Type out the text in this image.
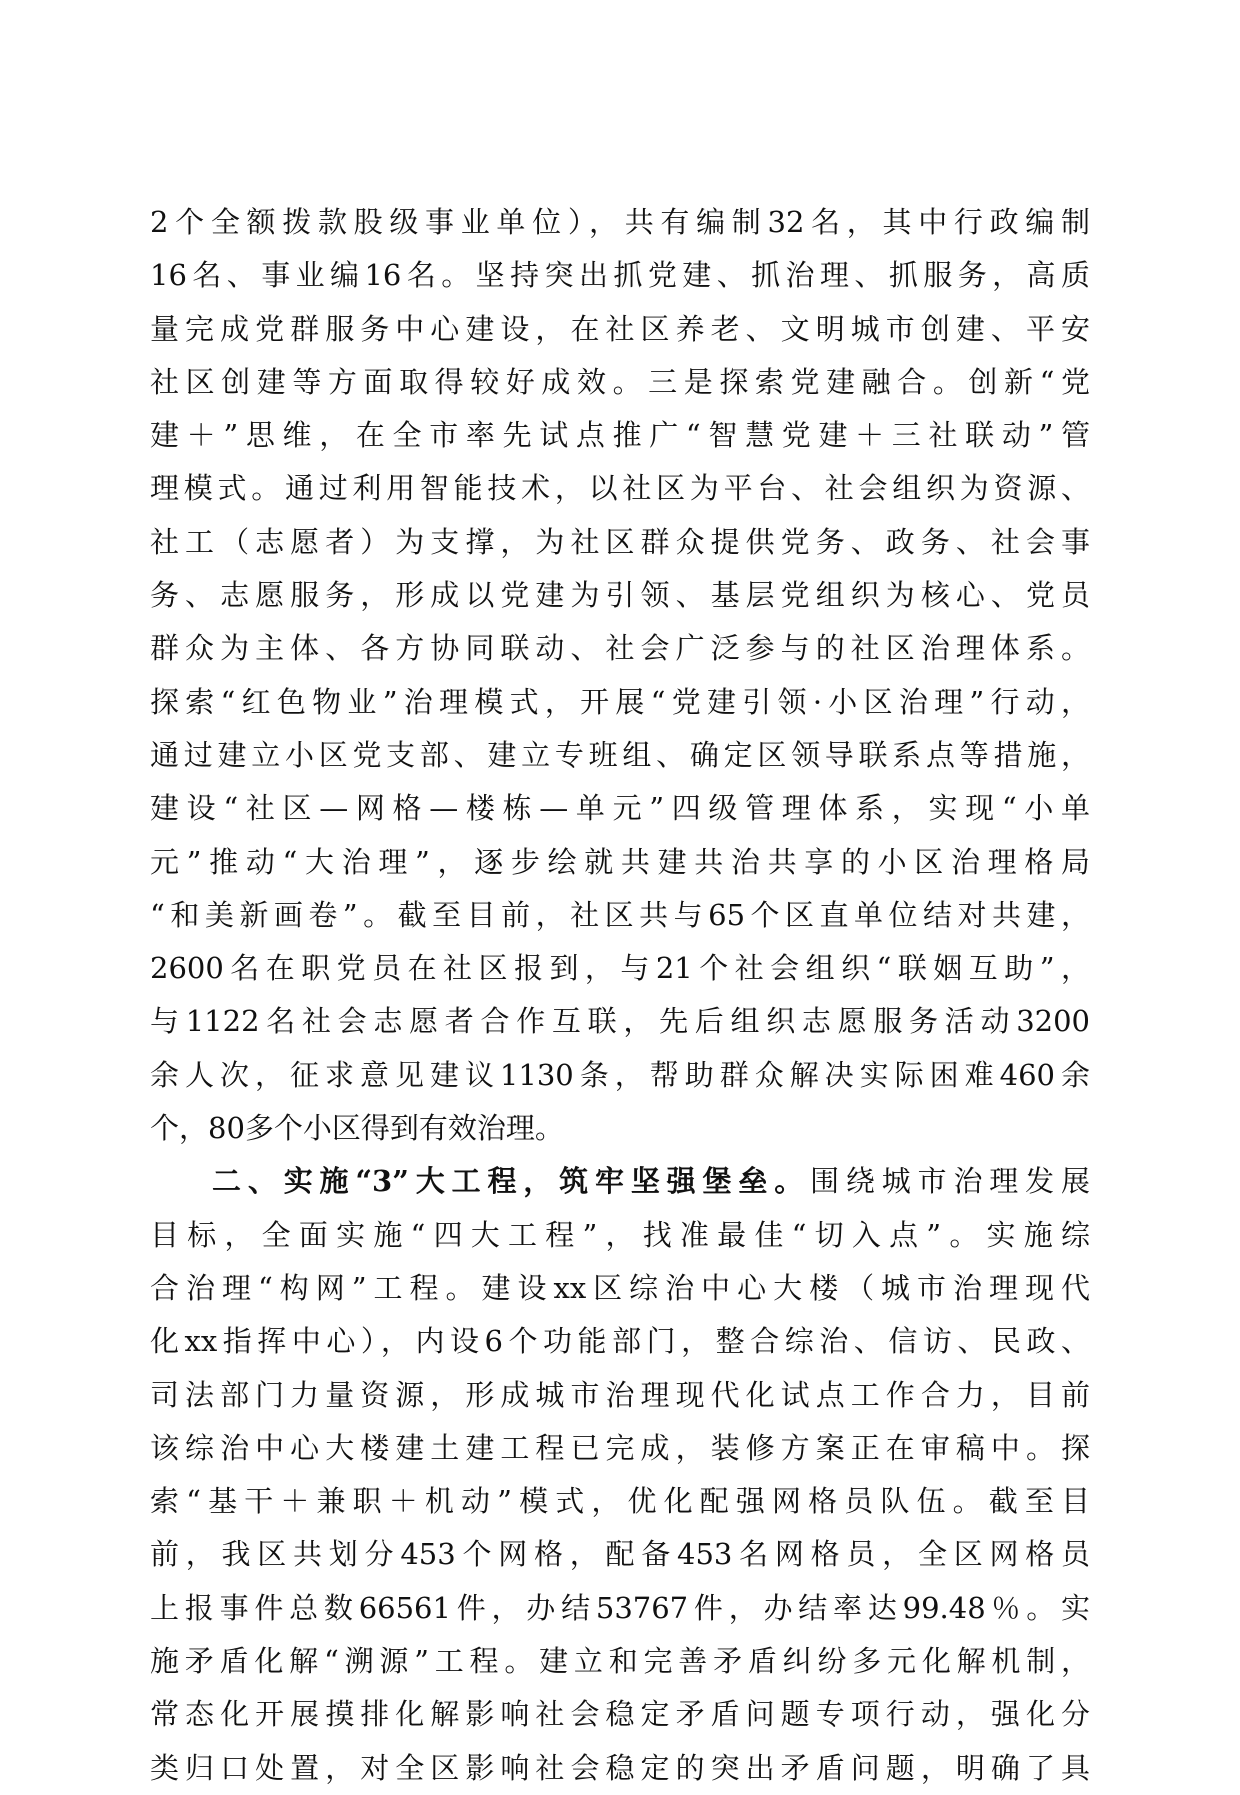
2个全额拨款股级事业单位），共有编制32名，其中行政编制

16名、事业编16名。坚持突出抓党建、抓治理、抓服务，高质

量完成党群服务中心建设，在社区养老、文明城市创建、平安

社区创建等方面取得较好成效。三是探索党建融合。创新“党

建＋”思维，在全市率先试点推广“智慧党建＋三社联动”管

理模式。通过利用智能技术，以社区为平台、社会组织为资源、

社工（志愿者）为支撑，为社区群众提供党务、政务、社会事

务、志愿服务，形成以党建为引领、基层党组织为核心、党员

群众为主体、各方协同联动、社会广泛参与的社区治理体系。

探索“红色物业”治理模式，开展“党建引领·小区治理”行动，

通过建立小区党支部、建立专班组、确定区领导联系点等措施，

建设“社区—网格—楼栋—单元”四级管理体系，实现“小单

元”推动“大治理”，逐步绘就共建共治共享的小区治理格局

“和美新画卷”。截至目前，社区共与65个区直单位结对共建，

2600名在职党员在社区报到，与21个社会组织“联姻互助”，

与1122名社会志愿者合作互联，先后组织志愿服务活动3200

余人次，征求意见建议1130条，帮助群众解决实际困难460余

个，80多个小区得到有效治理。

二、实施“3”大工程，筑牢坚强堡垒。围绕城市治理发展

目标，全面实施“四大工程”，找准最佳“切入点”。实施综

合治理“构网”工程。建设xx区综治中心大楼（城市治理现代

化xx指挥中心），内设6个功能部门，整合综治、信访、民政、

司法部门力量资源，形成城市治理现代化试点工作合力，目前

该综治中心大楼建土建工程已完成，装修方案正在审稿中。探

索“基干＋兼职＋机动”模式，优化配强网格员队伍。截至目

前，我区共划分453个网格，配备453名网格员，全区网格员

上报事件总数66561件，办结53767件，办结率达99.48％。实

施矛盾化解“溯源”工程。建立和完善矛盾纠纷多元化解机制，

常态化开展摸排化解影响社会稳定矛盾问题专项行动，强化分

类归口处置，对全区影响社会稳定的突出矛盾问题，明确了具
